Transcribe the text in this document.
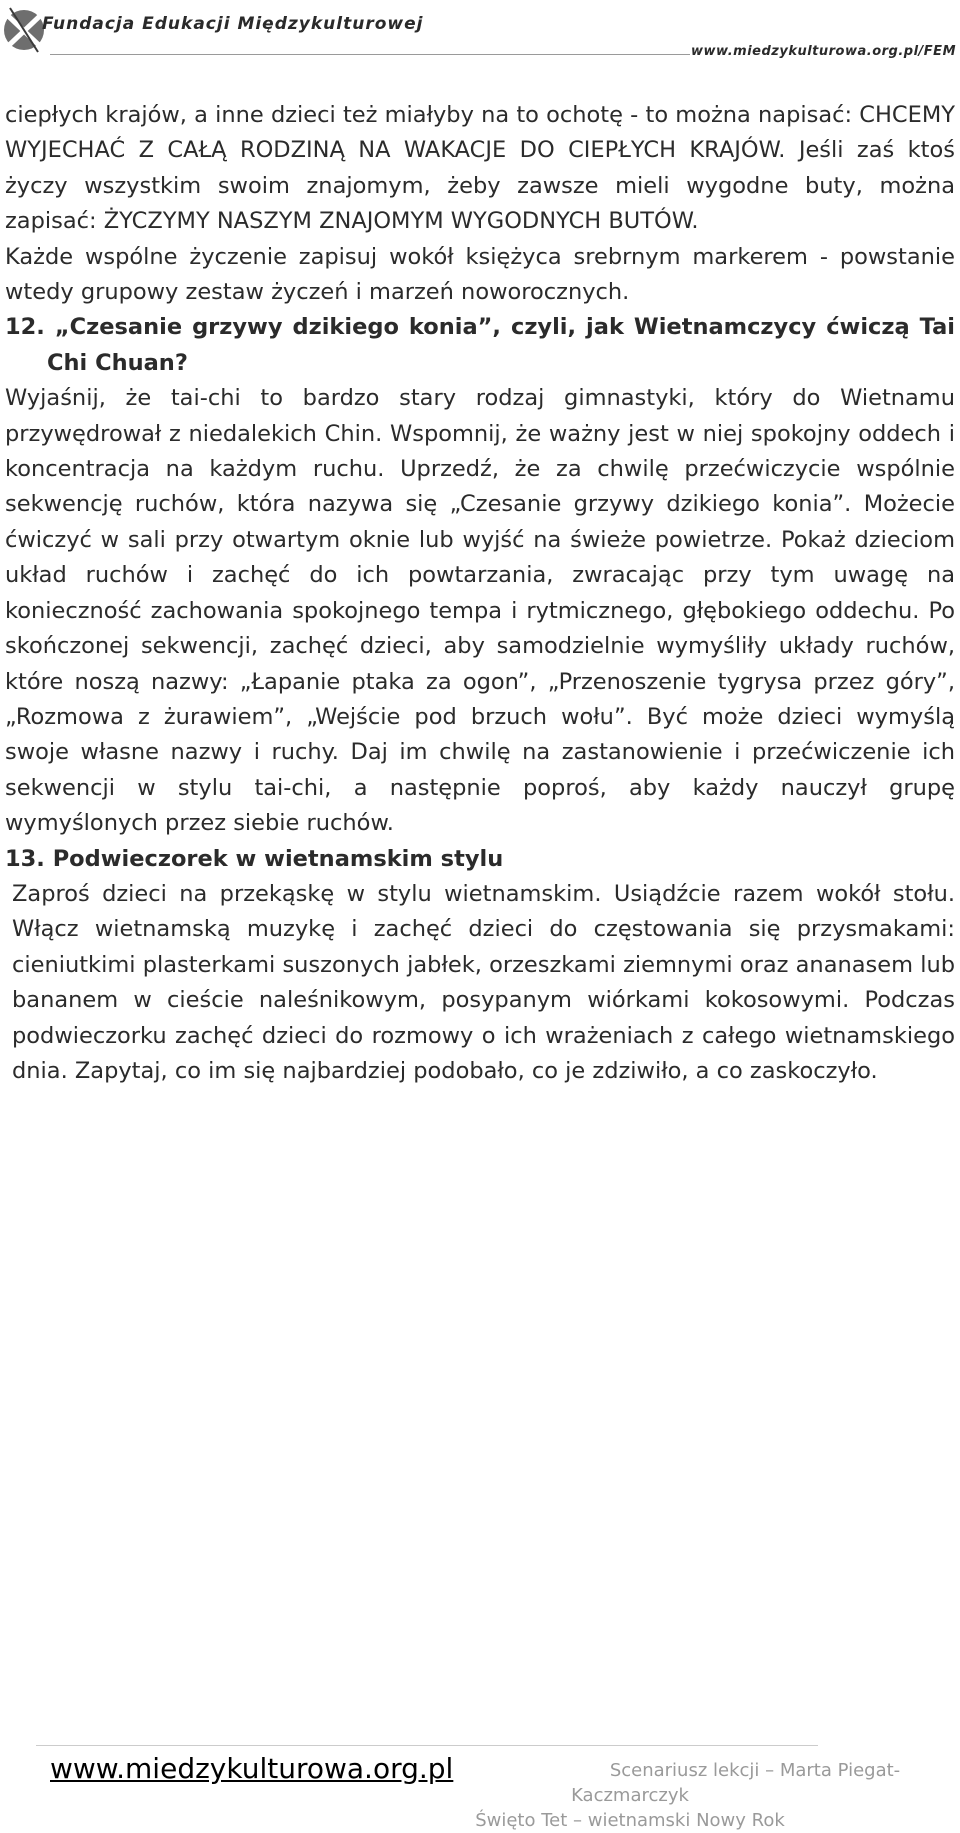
Fundacja Edukacji Międzykulturowej
www.miedzykulturowa.org.pl/FEM

ciepłych krajów, a inne dzieci też miałyby na to ochotę - to można napisać: CHCEMY WYJECHAĆ Z CAŁĄ RODZINĄ NA WAKACJE DO CIEPŁYCH KRAJÓW. Jeśli zaś ktoś życzy wszystkim swoim znajomym, żeby zawsze mieli wygodne buty, można zapisać: ŻYCZYMY NASZYM ZNAJOMYM WYGODNYCH BUTÓW.

Każde wspólne życzenie zapisuj wokół księżyca srebrnym markerem - powstanie wtedy grupowy zestaw życzeń i marzeń noworocznych.

12. „Czesanie grzywy dzikiego konia”, czyli, jak Wietnamczycy ćwiczą Tai Chi Chuan?

Wyjaśnij, że tai-chi to bardzo stary rodzaj gimnastyki, który do Wietnamu przywędrował z niedalekich Chin. Wspomnij, że ważny jest w niej spokojny oddech i koncentracja na każdym ruchu. Uprzedź, że za chwilę przećwiczycie wspólnie sekwencję ruchów, która nazywa się „Czesanie grzywy dzikiego konia”. Możecie ćwiczyć w sali przy otwartym oknie lub wyjść na świeże powietrze. Pokaż dzieciom układ ruchów i zachęć do ich powtarzania, zwracając przy tym uwagę na konieczność zachowania spokojnego tempa i rytmicznego, głębokiego oddechu. Po skończonej sekwencji, zachęć dzieci, aby samodzielnie wymyśliły układy ruchów, które noszą nazwy: „Łapanie ptaka za ogon”, „Przenoszenie tygrysa przez góry”, „Rozmowa z żurawiem”, „Wejście pod brzuch wołu”. Być może dzieci wymyślą swoje własne nazwy i ruchy. Daj im chwilę na zastanowienie i przećwiczenie ich sekwencji w stylu tai-chi, a następnie poproś, aby każdy nauczył grupę wymyślonych przez siebie ruchów.

13. Podwieczorek w wietnamskim stylu

Zaproś dzieci na przekąskę w stylu wietnamskim. Usiądźcie razem wokół stołu. Włącz wietnamską muzykę i zachęć dzieci do częstowania się przysmakami: cieniutkimi plasterkami suszonych jabłek, orzeszkami ziemnymi oraz ananasem lub bananem w cieście naleśnikowym, posypanym wiórkami kokosowymi. Podczas podwieczorku zachęć dzieci do rozmowy o ich wrażeniach z całego wietnamskiego dnia. Zapytaj, co im się najbardziej podobało, co je zdziwiło, a co zaskoczyło.

www.miedzykulturowa.org.pl	Scenariusz lekcji – Marta Piegat-
Kaczmarczyk
Święto Tet – wietnamski Nowy Rok
